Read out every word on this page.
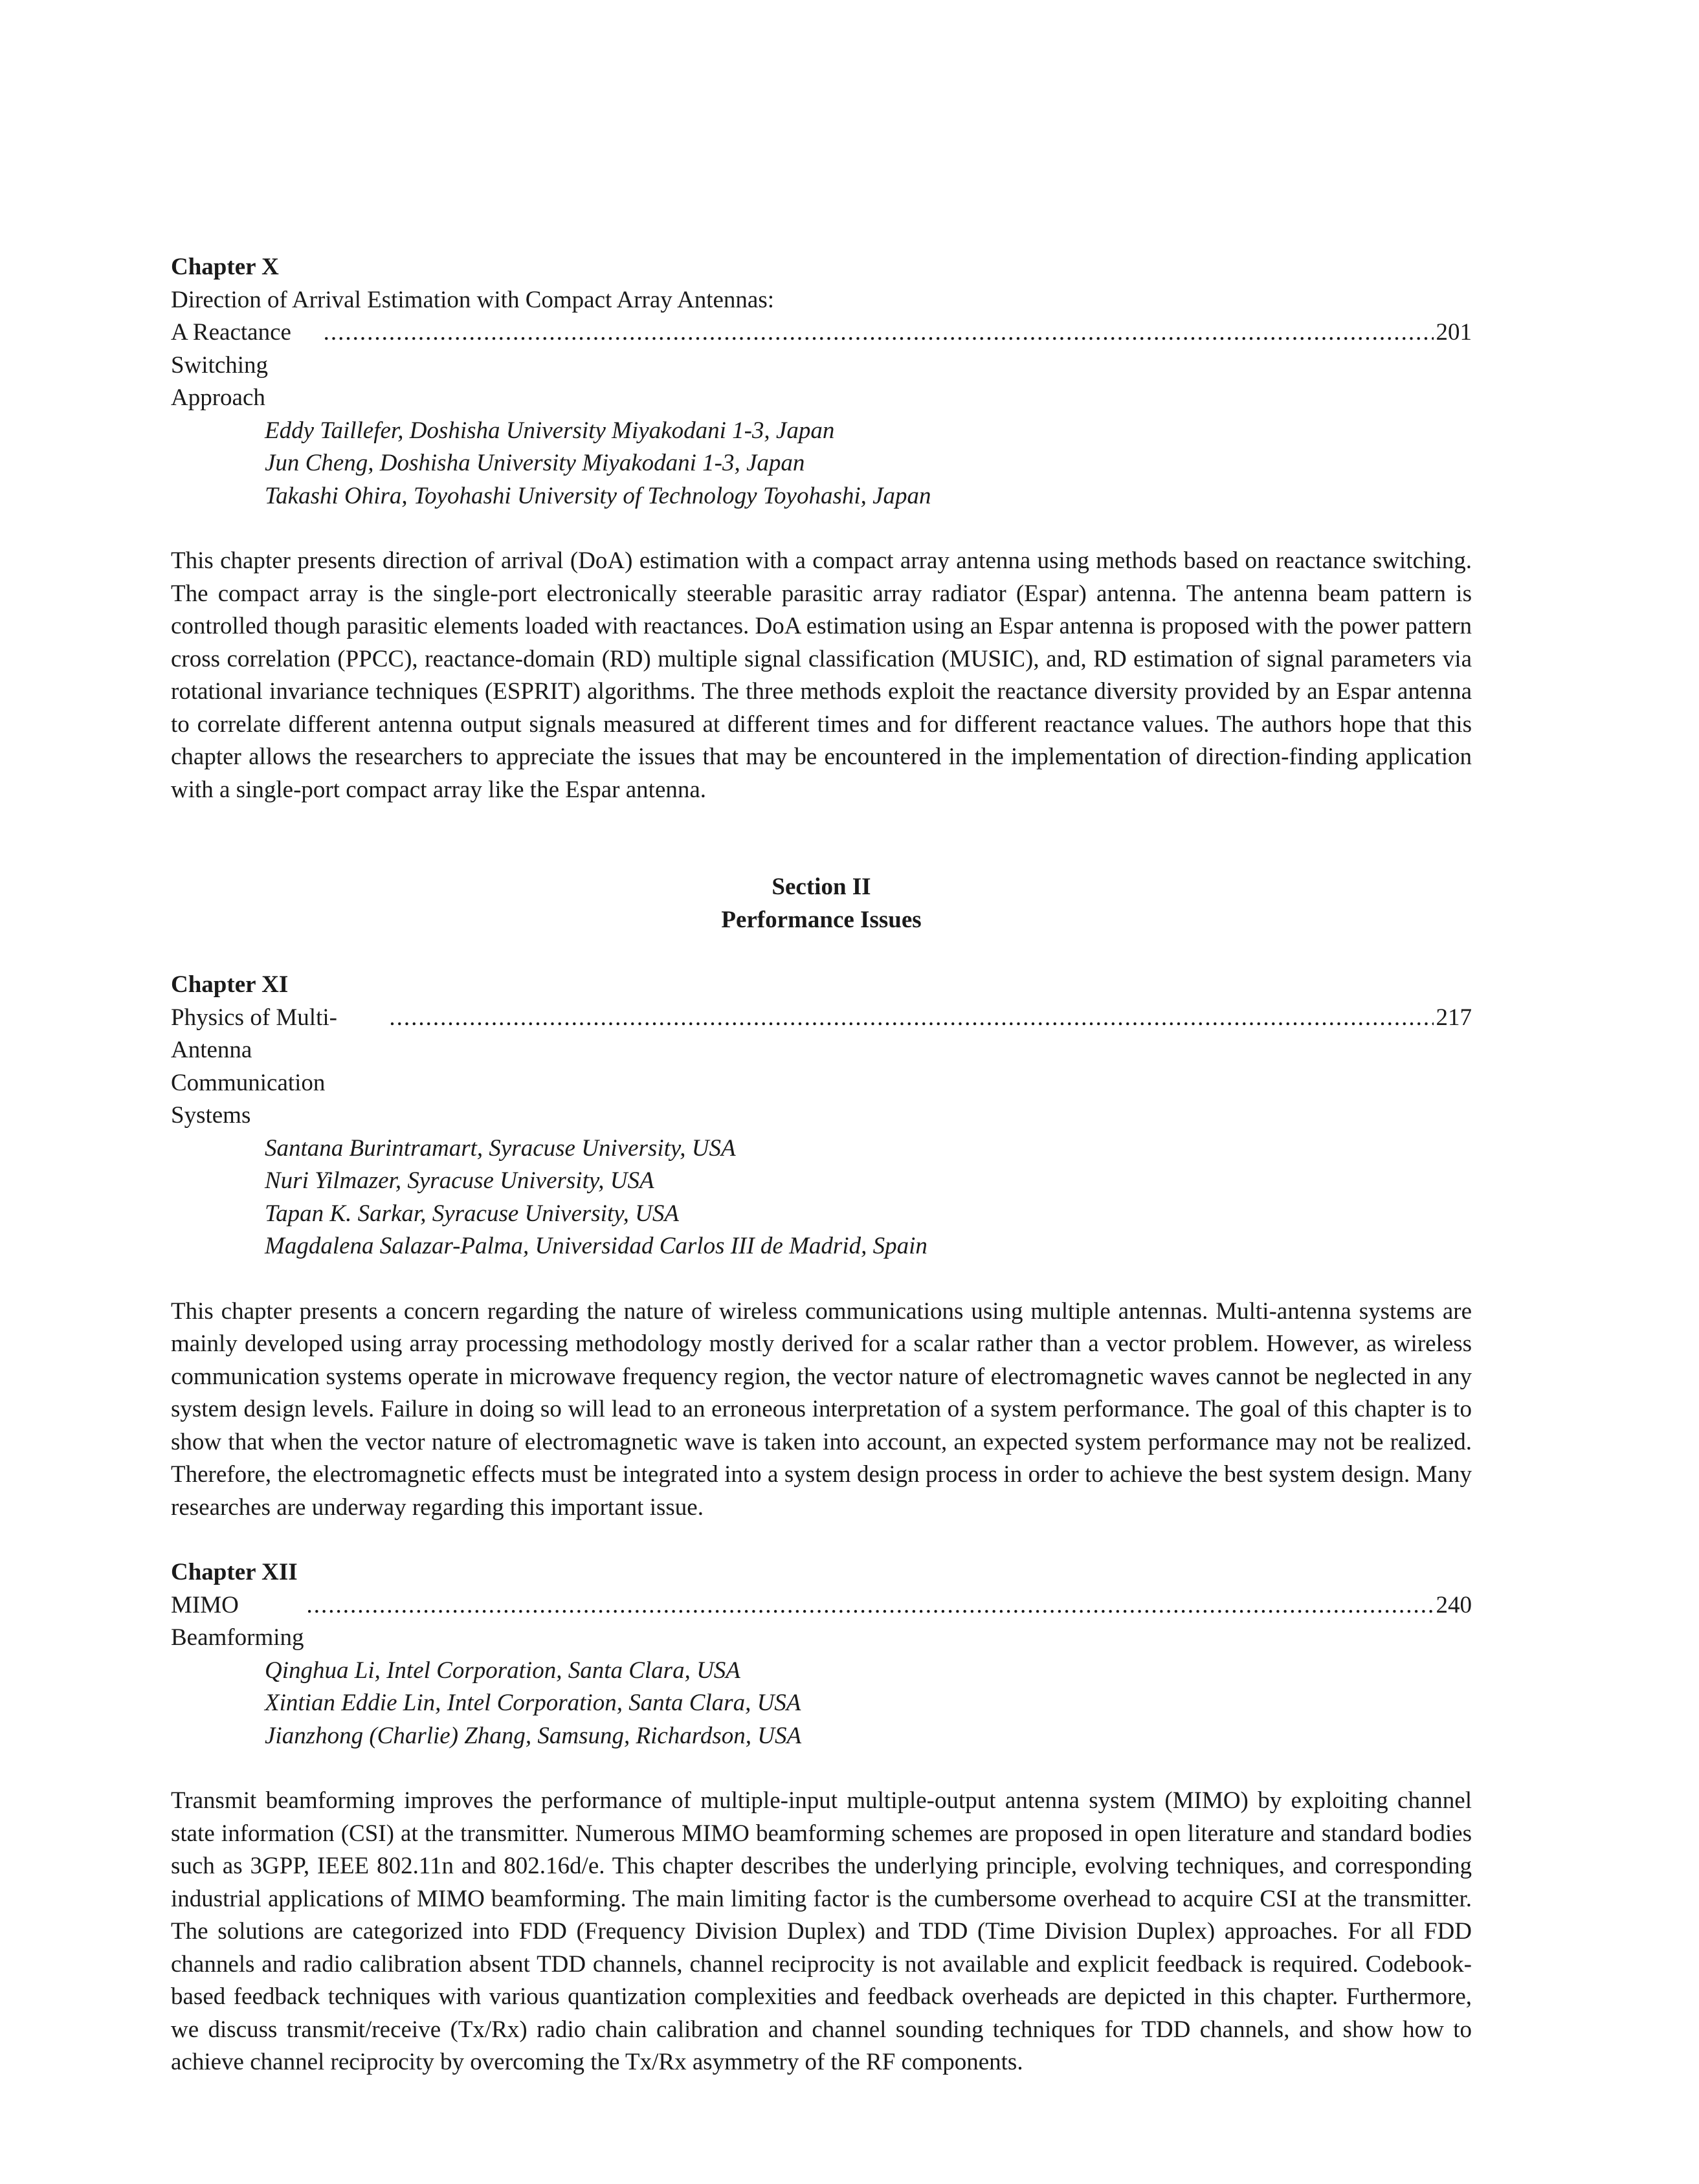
Chapter X
Direction of Arrival Estimation with Compact Array Antennas:
A Reactance Switching Approach
.....
201
Eddy Taillefer, Doshisha University Miyakodani 1-3, Japan
Jun Cheng, Doshisha University Miyakodani 1-3, Japan
Takashi Ohira, Toyohashi University of Technology Toyohashi, Japan
This chapter presents direction of arrival (DoA) estimation with a compact array antenna using methods based on reactance switching. The compact array is the single-port electronically steerable parasitic array radiator (Espar) antenna. The antenna beam pattern is controlled though parasitic elements loaded with reactances. DoA estimation using an Espar antenna is proposed with the power pattern cross correlation (PPCC), reactance-domain (RD) multiple signal classification (MUSIC), and, RD estimation of signal parameters via rotational invariance techniques (ESPRIT) algorithms. The three methods exploit the reactance diversity provided by an Espar antenna to correlate different antenna output signals measured at different times and for different reactance values. The authors hope that this chapter allows the researchers to appreciate the issues that may be encountered in the implementation of direction-finding application with a single-port compact array like the Espar antenna.
Section II
Performance Issues
Chapter XI
Physics of Multi-Antenna Communication Systems
.....
217
Santana Burintramart, Syracuse University, USA
Nuri Yilmazer, Syracuse University, USA
Tapan K. Sarkar, Syracuse University, USA
Magdalena Salazar-Palma, Universidad Carlos III de Madrid, Spain
This chapter presents a concern regarding the nature of wireless communications using multiple antennas. Multi-antenna systems are mainly developed using array processing methodology mostly derived for a scalar rather than a vector problem. However, as wireless communication systems operate in microwave frequency region, the vector nature of electromagnetic waves cannot be neglected in any system design levels. Failure in doing so will lead to an erroneous interpretation of a system performance. The goal of this chapter is to show that when the vector nature of electromagnetic wave is taken into account, an expected system performance may not be realized. Therefore, the electromagnetic effects must be integrated into a system design process in order to achieve the best system design. Many researches are underway regarding this important issue.
Chapter XII
MIMO Beamforming
.....
240
Qinghua Li, Intel Corporation, Santa Clara, USA
Xintian Eddie Lin, Intel Corporation, Santa Clara, USA
Jianzhong (Charlie) Zhang, Samsung, Richardson, USA
Transmit beamforming improves the performance of multiple-input multiple-output antenna system (MIMO) by exploiting channel state information (CSI) at the transmitter. Numerous MIMO beamforming schemes are proposed in open literature and standard bodies such as 3GPP, IEEE 802.11n and 802.16d/e. This chapter describes the underlying principle, evolving techniques, and corresponding industrial applications of MIMO beamforming. The main limiting factor is the cumbersome overhead to acquire CSI at the transmitter. The solutions are categorized into FDD (Frequency Division Duplex) and TDD (Time Division Duplex) approaches. For all FDD channels and radio calibration absent TDD channels, channel reciprocity is not available and explicit feedback is required. Codebook-based feedback techniques with various quantization complexities and feedback overheads are depicted in this chapter. Furthermore, we discuss transmit/receive (Tx/Rx) radio chain calibration and channel sounding techniques for TDD channels, and show how to achieve channel reciprocity by overcoming the Tx/Rx asymmetry of the RF components.
